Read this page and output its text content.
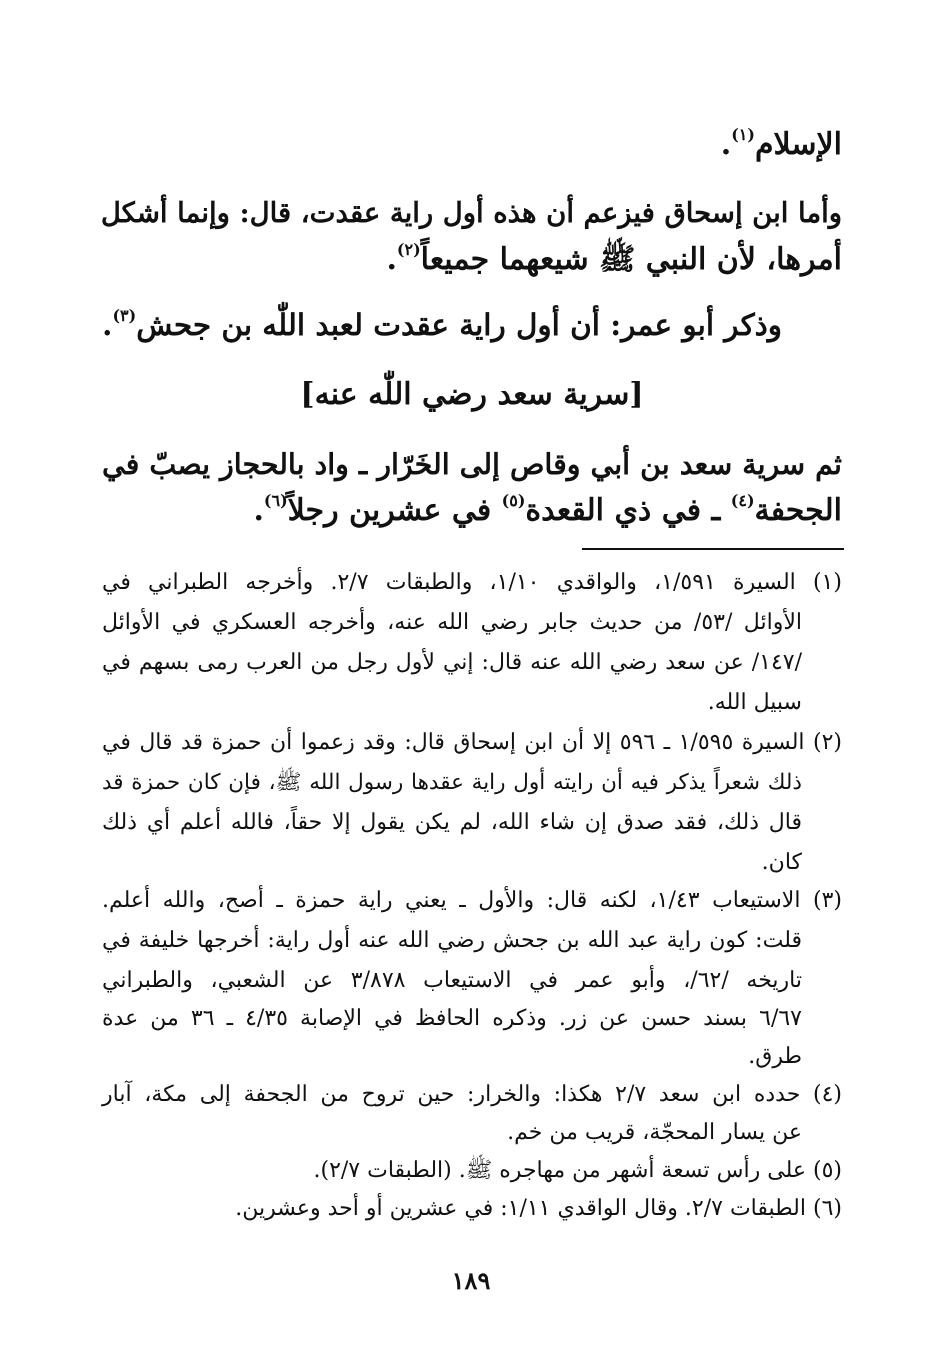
الإسلام$^{(١)}$.
وأما ابن إسحاق فيزعم أن هذه أول راية عقدت، قال: وإنما أشكل
أمرها، لأن النبي ﷺ شيعهما جميعاً$^{(٢)}$.
وذكر أبو عمر: أن أول راية عقدت لعبد اللّٰه بن جحش$^{(٣)}$.
[سرية سعد رضي اللّٰه عنه]
ثم سرية سعد بن أبي وقاص إلى الخَرّار ـ واد بالحجاز يصبّ في
الجحفة$^{(٤)}$ ـ في ذي القعدة$^{(٥)}$ في عشرين رجلاً$^{(٦)}$.
(١) السيرة ١/٥٩١، والواقدي ١/١٠، والطبقات ٢/٧. وأخرجه الطبراني في
الأوائل /٥٣/ من حديث جابر رضي الله عنه، وأخرجه العسكري في الأوائل
/١٤٧/ عن سعد رضي الله عنه قال: إني لأول رجل من العرب رمى بسهم في
سبيل الله.
(٢) السيرة ١/٥٩٥ ـ ٥٩٦ إلا أن ابن إسحاق قال: وقد زعموا أن حمزة قد قال في
ذلك شعراً يذكر فيه أن رايته أول راية عقدها رسول الله ﷺ، فإن كان حمزة قد
قال ذلك، فقد صدق إن شاء الله، لم يكن يقول إلا حقاً، فالله أعلم أي ذلك
كان.
(٣) الاستيعاب ١/٤٣، لكنه قال: والأول ـ يعني راية حمزة ـ أصح، والله أعلم.
قلت: كون راية عبد الله بن جحش رضي الله عنه أول راية: أخرجها خليفة في
تاريخه /٦٢/، وأبو عمر في الاستيعاب ٣/٨٧٨ عن الشعبي، والطبراني
٦/٦٧ بسند حسن عن زر. وذكره الحافظ في الإصابة ٤/٣٥ ـ ٣٦ من عدة
طرق.
(٤) حدده ابن سعد ٢/٧ هكذا: والخرار: حين تروح من الجحفة إلى مكة، آبار
عن يسار المحجّة، قريب من خم.
(٥) على رأس تسعة أشهر من مهاجره ﷺ. (الطبقات ٢/٧).
(٦) الطبقات ٢/٧. وقال الواقدي ١/١١: في عشرين أو أحد وعشرين.
١٨٩
